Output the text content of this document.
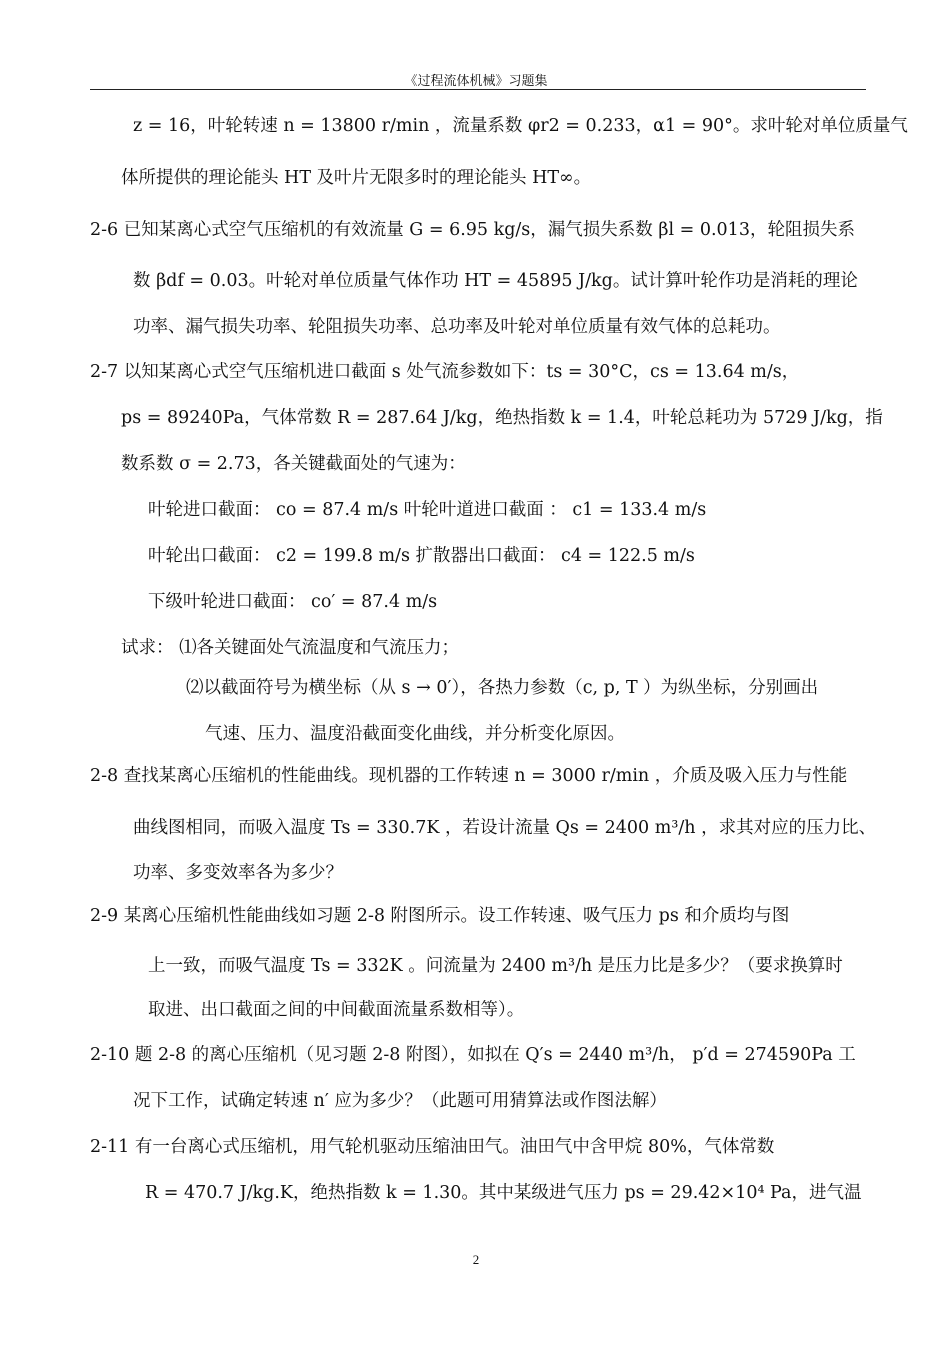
《过程流体机械》习题集
z = 16，叶轮转速 n = 13800 r/min ，流量系数 φr2 = 0.233，α1 = 90°。求叶轮对单位质量气
体所提供的理论能头 HT 及叶片无限多时的理论能头 HT∞。
2-6 已知某离心式空气压缩机的有效流量 G = 6.95 kg/s，漏气损失系数 βl = 0.013，轮阻损失系
数 βdf = 0.03。叶轮对单位质量气体作功 HT = 45895 J/kg。试计算叶轮作功是消耗的理论
功率、漏气损失功率、轮阻损失功率、总功率及叶轮对单位质量有效气体的总耗功。
2-7 以知某离心式空气压缩机进口截面 s 处气流参数如下：ts = 30°C，cs = 13.64 m/s，
ps = 89240Pa，气体常数 R = 287.64 J/kg，绝热指数 k = 1.4，叶轮总耗功为 5729 J/kg，指
数系数 σ = 2.73，各关键截面处的气速为：
叶轮进口截面： co = 87.4 m/s 叶轮叶道进口截面 ： c1 = 133.4 m/s
叶轮出口截面： c2 = 199.8 m/s 扩散器出口截面： c4 = 122.5 m/s
下级叶轮进口截面： co′ = 87.4 m/s
试求： ⑴各关键面处气流温度和气流压力；
⑵以截面符号为横坐标（从 s → 0′），各热力参数（c, p, T ）为纵坐标，分别画出
气速、压力、温度沿截面变化曲线，并分析变化原因。
2-8 查找某离心压缩机的性能曲线。现机器的工作转速 n = 3000 r/min ，介质及吸入压力与性能
曲线图相同，而吸入温度 Ts = 330.7K ，若设计流量 Qs = 2400 m³/h ，求其对应的压力比、
功率、多变效率各为多少？
2-9 某离心压缩机性能曲线如习题 2-8 附图所示。设工作转速、吸气压力 ps 和介质均与图
上一致，而吸气温度 Ts = 332K 。问流量为 2400 m³/h 是压力比是多少？（要求换算时
取进、出口截面之间的中间截面流量系数相等）。
2-10 题 2-8 的离心压缩机（见习题 2-8 附图），如拟在 Q′s = 2440 m³/h， p′d = 274590Pa 工
况下工作，试确定转速 n′ 应为多少？（此题可用猜算法或作图法解）
2-11 有一台离心式压缩机，用气轮机驱动压缩油田气。油田气中含甲烷 80%，气体常数
R = 470.7 J/kg.K，绝热指数 k = 1.30。其中某级进气压力 ps = 29.42×10⁴ Pa，进气温
2
